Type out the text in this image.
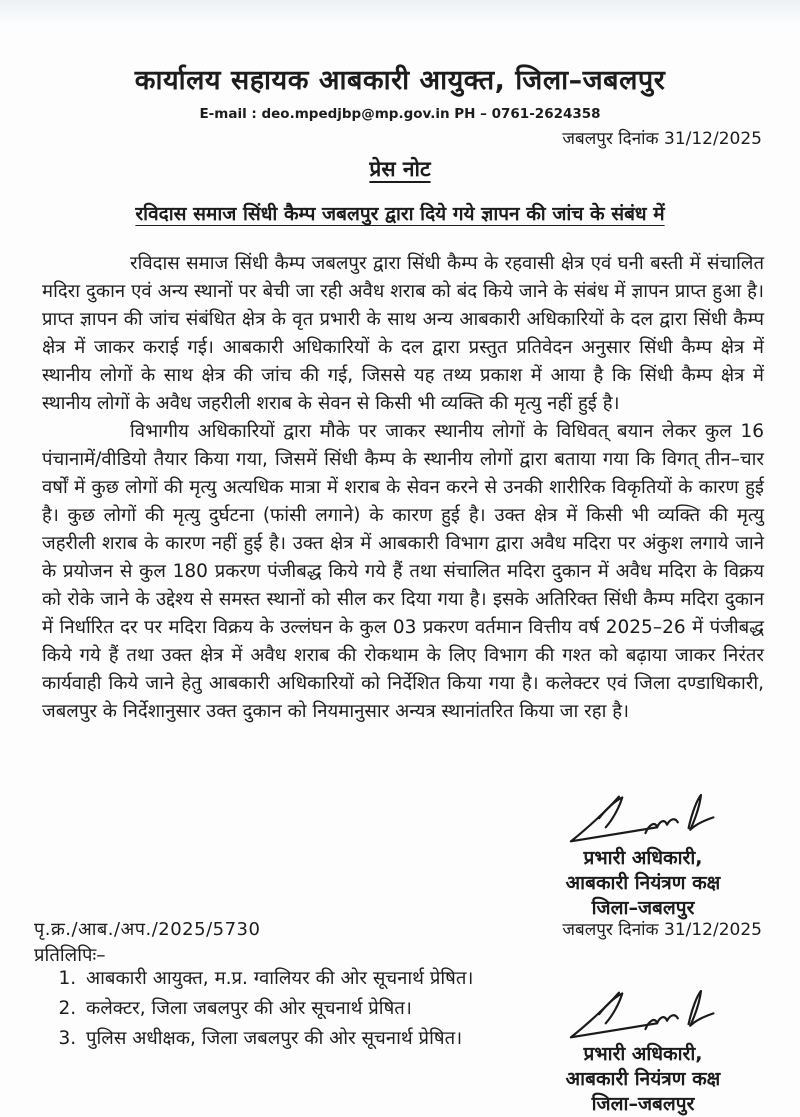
कार्यालय सहायक आबकारी आयुक्त, जिला–जबलपुर
E-mail : deo.mpedjbp@mp.gov.in PH – 0761-2624358
जबलपुर दिनांक 31/12/2025
प्रेस नोट
रविदास समाज सिंधी कैम्प जबलपुर द्वारा दिये गये ज्ञापन की जांच के संबंध में

रविदास समाज सिंधी कैम्प जबलपुर द्वारा सिंधी कैम्प के रहवासी क्षेत्र एवं घनी बस्ती में संचालित मदिरा दुकान एवं अन्य स्थानों पर बेची जा रही अवैध शराब को बंद किये जाने के संबंध में ज्ञापन प्राप्त हुआ है। प्राप्त ज्ञापन की जांच संबंधित क्षेत्र के वृत प्रभारी के साथ अन्य आबकारी अधिकारियों के दल द्वारा सिंधी कैम्प क्षेत्र में जाकर कराई गई। आबकारी अधिकारियों के दल द्वारा प्रस्तुत प्रतिवेदन अनुसार सिंधी कैम्प क्षेत्र में स्थानीय लोगों के साथ क्षेत्र की जांच की गई, जिससे यह तथ्य प्रकाश में आया है कि सिंधी कैम्प क्षेत्र में स्थानीय लोगों के अवैध जहरीली शराब के सेवन से किसी भी व्यक्ति की मृत्यु नहीं हुई है।

विभागीय अधिकारियों द्वारा मौके पर जाकर स्थानीय लोगों के विधिवत् बयान लेकर कुल 16 पंचानामें/वीडियो तैयार किया गया, जिसमें सिंधी कैम्प के स्थानीय लोगों द्वारा बताया गया कि विगत् तीन–चार वर्षों में कुछ लोगों की मृत्यु अत्यधिक मात्रा में शराब के सेवन करने से उनकी शारीरिक विकृतियों के कारण हुई है। कुछ लोगों की मृत्यु दुर्घटना (फांसी लगाने) के कारण हुई है। उक्त क्षेत्र में किसी भी व्यक्ति की मृत्यु जहरीली शराब के कारण नहीं हुई है। उक्त क्षेत्र में आबकारी विभाग द्वारा अवैध मदिरा पर अंकुश लगाये जाने के प्रयोजन से कुल 180 प्रकरण पंजीबद्ध किये गये हैं तथा संचालित मदिरा दुकान में अवैध मदिरा के विक्रय को रोके जाने के उद्देश्य से समस्त स्थानों को सील कर दिया गया है। इसके अतिरिक्त सिंधी कैम्प मदिरा दुकान में निर्धारित दर पर मदिरा विक्रय के उल्लंघन के कुल 03 प्रकरण वर्तमान वित्तीय वर्ष 2025–26 में पंजीबद्ध किये गये हैं तथा उक्त क्षेत्र में अवैध शराब की रोकथाम के लिए विभाग की गश्त को बढ़ाया जाकर निरंतर कार्यवाही किये जाने हेतु आबकारी अधिकारियों को निर्देशित किया गया है। कलेक्टर एवं जिला दण्डाधिकारी, जबलपुर के निर्देशानुसार उक्त दुकान को नियमानुसार अन्यत्र स्थानांतरित किया जा रहा है।

प्रभारी अधिकारी,
आबकारी नियंत्रण कक्ष
जिला–जबलपुर
पृ.क्र./आब./अप./2025/5730	जबलपुर दिनांक 31/12/2025
प्रतिलिपिः–
1. आबकारी आयुक्त, म.प्र. ग्वालियर की ओर सूचनार्थ प्रेषित।
2. कलेक्टर, जिला जबलपुर की ओर सूचनार्थ प्रेषित।
3. पुलिस अधीक्षक, जिला जबलपुर की ओर सूचनार्थ प्रेषित।
प्रभारी अधिकारी,
आबकारी नियंत्रण कक्ष
जिला–जबलपुर
